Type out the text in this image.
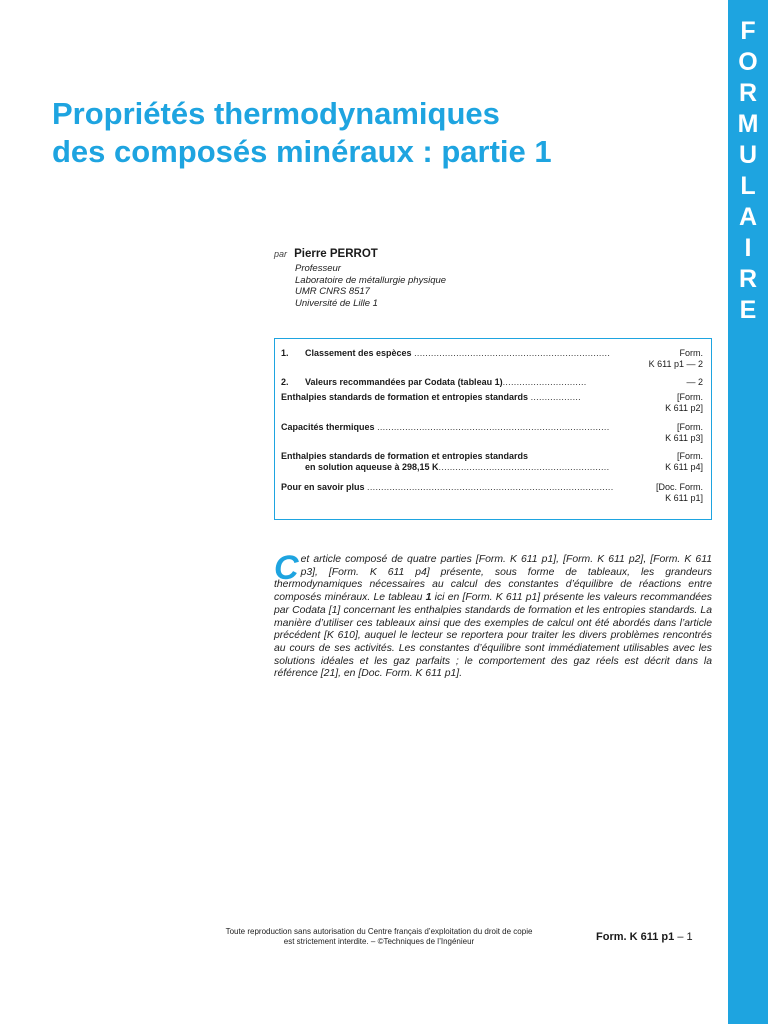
F
O
R
M
U
L
A
I
R
E
Propriétés thermodynamiques
des composés minéraux : partie 1
par Pierre PERROT
Professeur
Laboratoire de métallurgie physique
UMR CNRS 8517
Université de Lille 1
1. Classement des espèces ......................................................................	Form.
K 611 p1 — 2
2. Valeurs recommandées par Codata (tableau 1)..............................	— 2
Enthalpies standards de formation et entropies standards ..................	[Form.
K 611 p2]
Capacités thermiques ...................................................................................	[Form.
K 611 p3]
Enthalpies standards de formation et entropies standards
en solution aqueuse à 298,15 K.............................................................
[Form.
K 611 p4]
Pour en savoir plus ........................................................................................	[Doc. Form.
K 611 p1]
Cet article composé de quatre parties [Form. K 611 p1], [Form. K 611 p2], [Form. K 611 p3], [Form. K 611 p4] présente, sous forme de tableaux, les grandeurs thermodynamiques nécessaires au calcul des constantes d’équilibre de réactions entre composés minéraux. Le tableau 1 ici en [Form. K 611 p1] présente les valeurs recommandées par Codata [1] concernant les enthalpies standards de formation et les entropies standards. La manière d’utiliser ces tableaux ainsi que des exemples de calcul ont été abordés dans l’article précédent [K 610], auquel le lecteur se reportera pour traiter les divers problèmes rencontrés au cours de ses activités. Les constantes d’équilibre sont immédiatement utilisables avec les solutions idéales et les gaz parfaits ; le comportement des gaz réels est décrit dans la référence [21], en [Doc. Form. K 611 p1].
Toute reproduction sans autorisation du Centre français d’exploitation du droit de copie
est strictement interdite. – ©Techniques de l’Ingénieur	Form. K 611 p1 – 1
